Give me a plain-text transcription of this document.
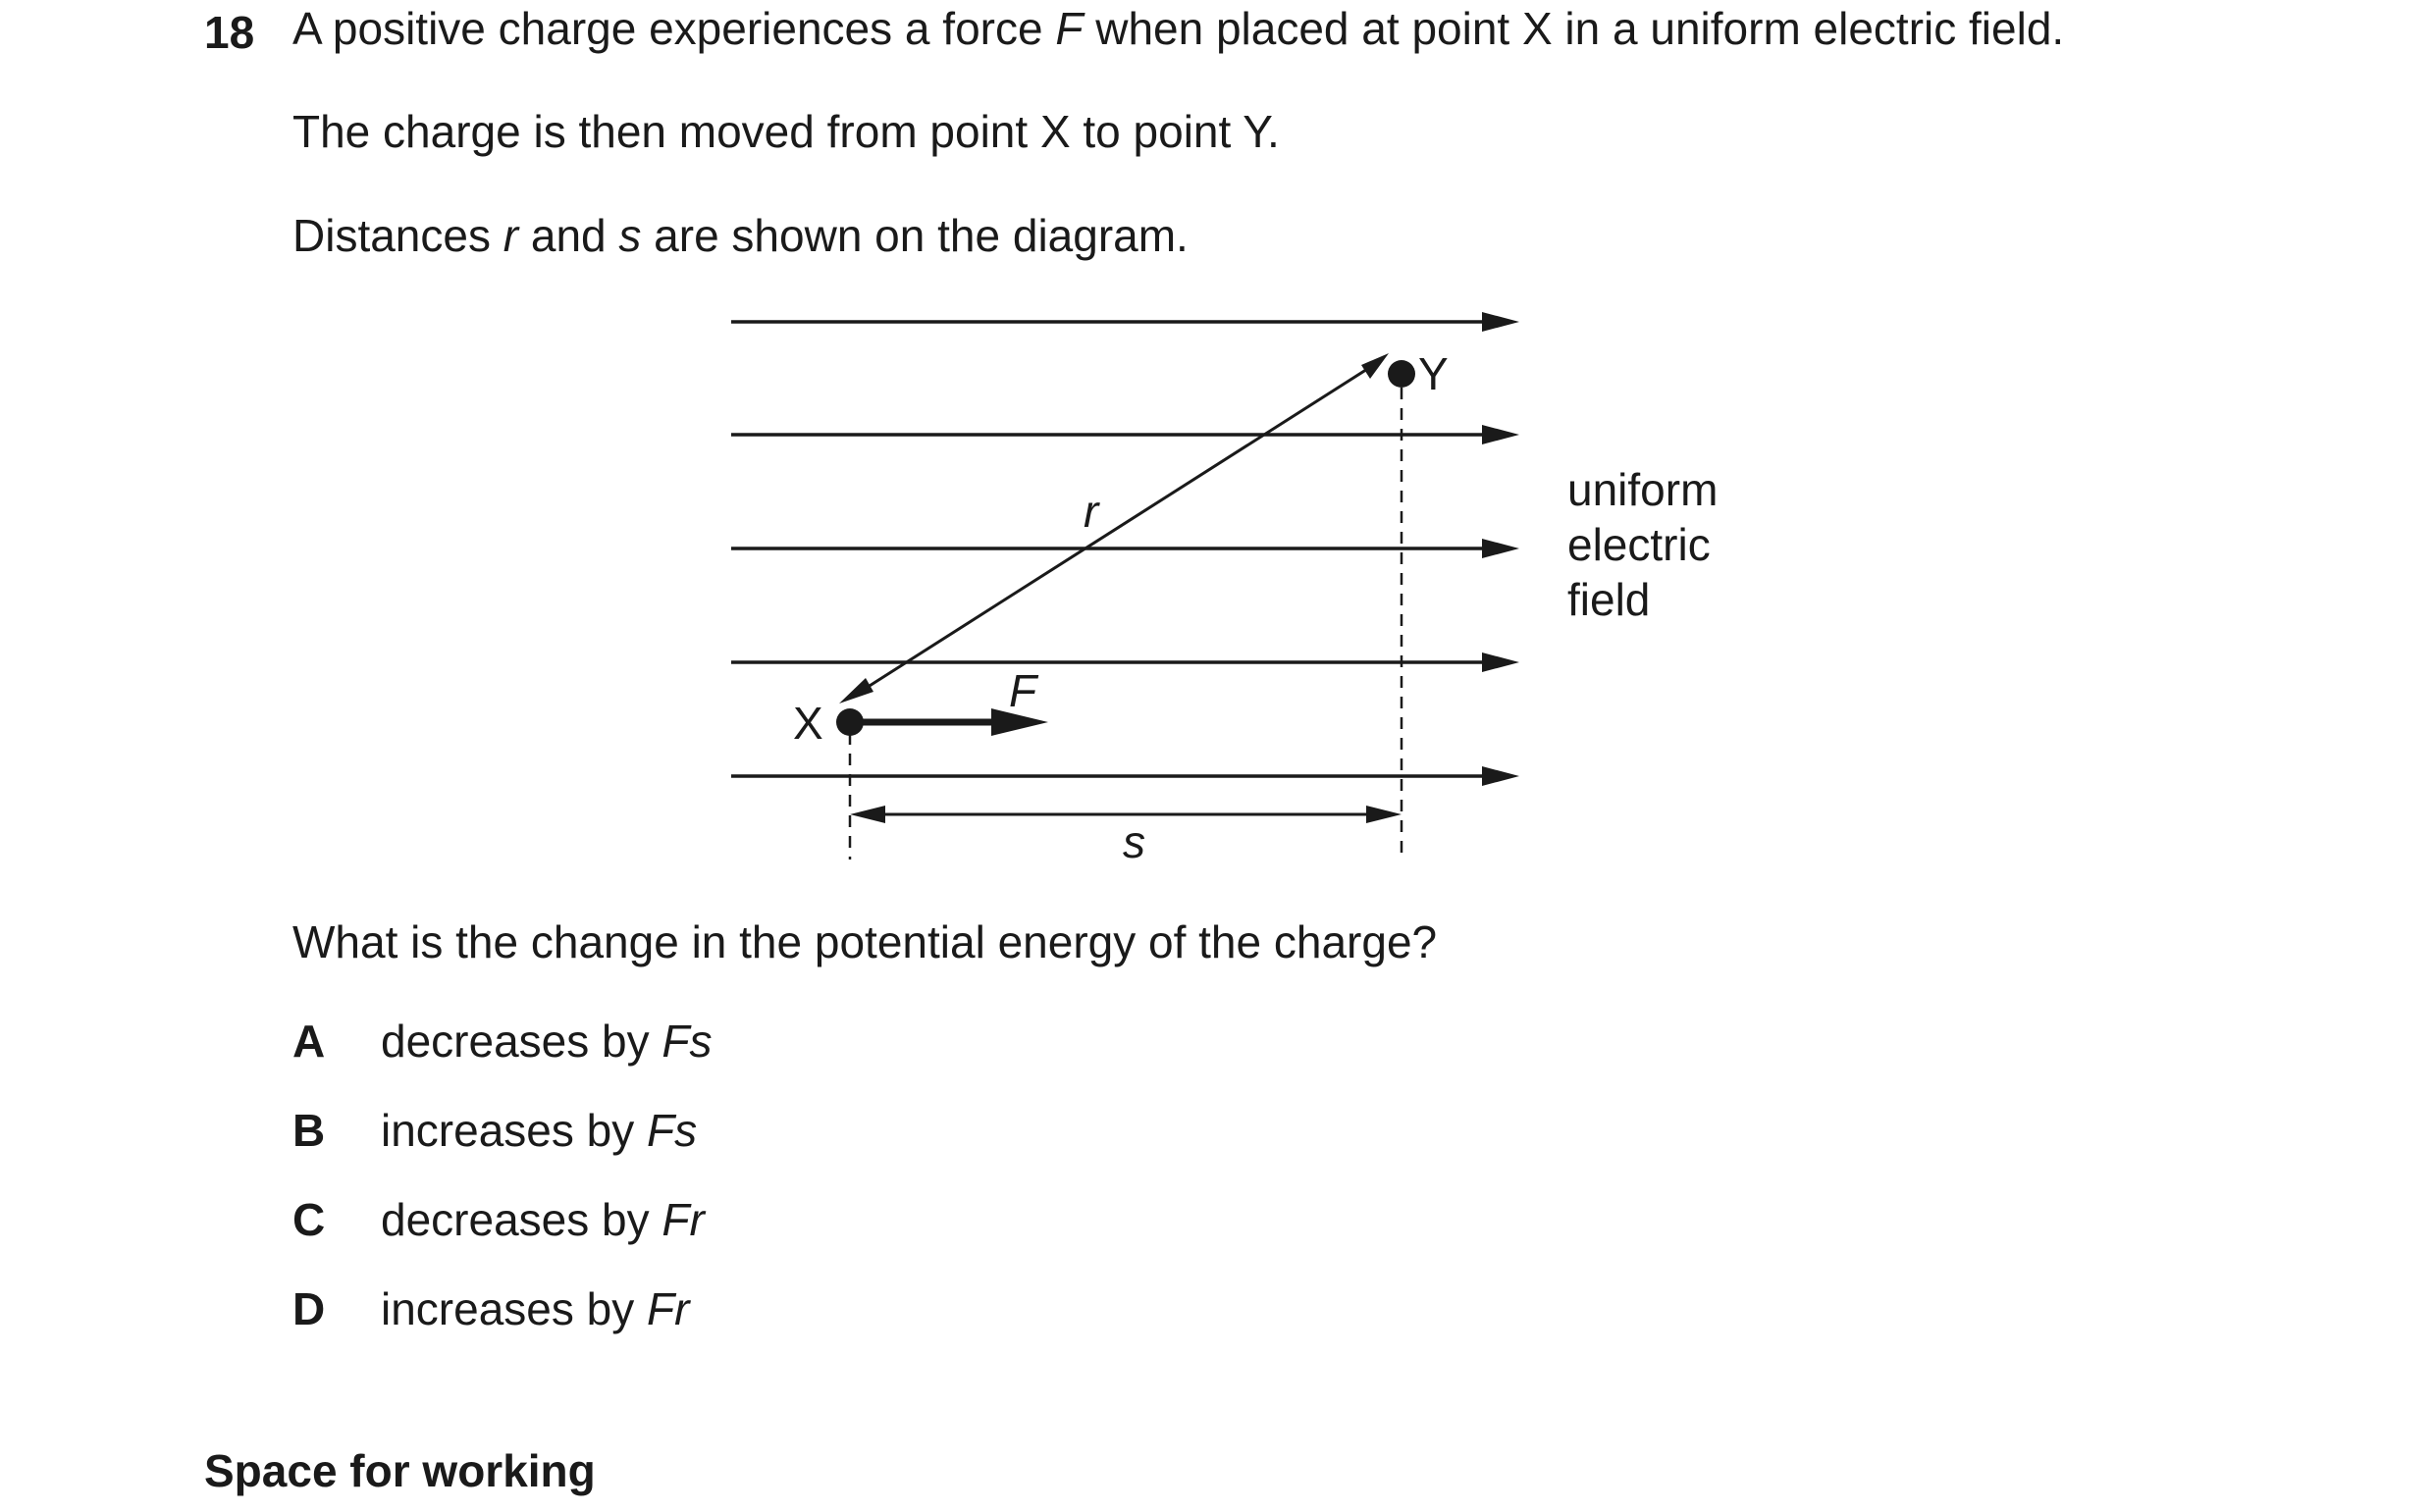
18 A positive charge experiences a force F when placed at point X in a uniform electric field.
The charge is then moved from point X to point Y.
Distances r and s are shown on the diagram.
X
Y
F
r
s
uniform
electric
field
What is the change in the potential energy of the charge?
A decreases by Fs
B increases by Fs
C decreases by Fr
D increases by Fr
Space for working
